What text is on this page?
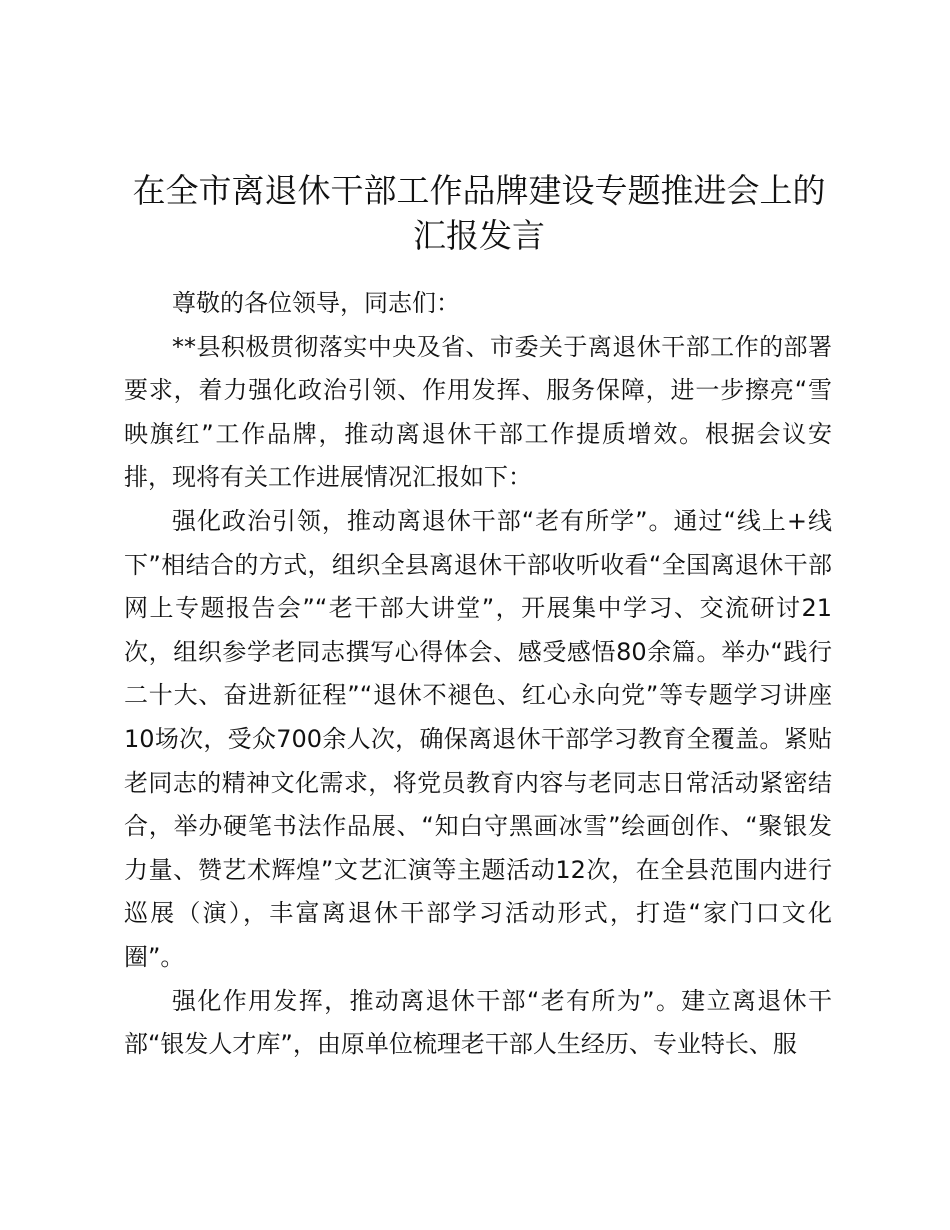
在全市离退休干部工作品牌建设专题推进会上的汇报发言

尊敬的各位领导，同志们：

**县积极贯彻落实中央及省、市委关于离退休干部工作的部署要求，着力强化政治引领、作用发挥、服务保障，进一步擦亮“雪映旗红”工作品牌，推动离退休干部工作提质增效。根据会议安排，现将有关工作进展情况汇报如下：

强化政治引领，推动离退休干部“老有所学”。通过“线上+线下”相结合的方式，组织全县离退休干部收听收看“全国离退休干部网上专题报告会”“老干部大讲堂”，开展集中学习、交流研讨21次，组织参学老同志撰写心得体会、感受感悟80余篇。举办“践行二十大、奋进新征程”“退休不褪色、红心永向党”等专题学习讲座10场次，受众700余人次，确保离退休干部学习教育全覆盖。紧贴老同志的精神文化需求，将党员教育内容与老同志日常活动紧密结合，举办硬笔书法作品展、“知白守黑画冰雪”绘画创作、“聚银发力量、赞艺术辉煌”文艺汇演等主题活动12次，在全县范围内进行巡展（演），丰富离退休干部学习活动形式，打造“家门口文化圈”。

强化作用发挥，推动离退休干部“老有所为”。建立离退休干部“银发人才库”，由原单位梳理老干部人生经历、专业特长、服
